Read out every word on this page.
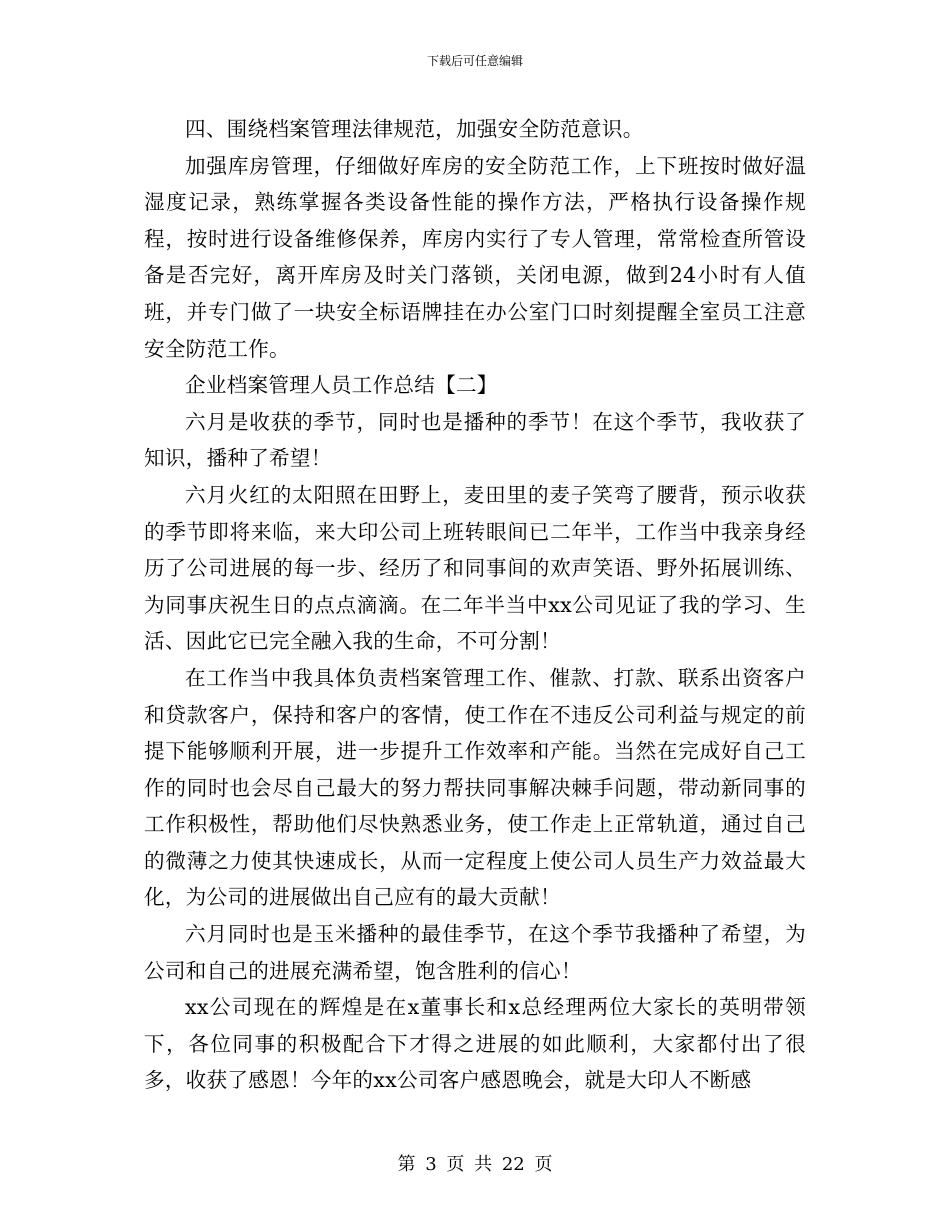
下载后可任意编辑

四、围绕档案管理法律规范，加强安全防范意识。

加强库房管理，仔细做好库房的安全防范工作，上下班按时做好温湿度记录，熟练掌握各类设备性能的操作方法，严格执行设备操作规程，按时进行设备维修保养，库房内实行了专人管理，常常检查所管设备是否完好，离开库房及时关门落锁，关闭电源，做到24小时有人值班，并专门做了一块安全标语牌挂在办公室门口时刻提醒全室员工注意安全防范工作。

企业档案管理人员工作总结【二】

六月是收获的季节，同时也是播种的季节！在这个季节，我收获了知识，播种了希望！

六月火红的太阳照在田野上，麦田里的麦子笑弯了腰背，预示收获的季节即将来临，来大印公司上班转眼间已二年半，工作当中我亲身经历了公司进展的每一步、经历了和同事间的欢声笑语、野外拓展训练、为同事庆祝生日的点点滴滴。在二年半当中xx公司见证了我的学习、生活、因此它已完全融入我的生命，不可分割！

在工作当中我具体负责档案管理工作、催款、打款、联系出资客户和贷款客户，保持和客户的客情，使工作在不违反公司利益与规定的前提下能够顺利开展，进一步提升工作效率和产能。当然在完成好自己工作的同时也会尽自己最大的努力帮扶同事解决棘手问题，带动新同事的工作积极性，帮助他们尽快熟悉业务，使工作走上正常轨道，通过自己的微薄之力使其快速成长，从而一定程度上使公司人员生产力效益最大化，为公司的进展做出自己应有的最大贡献！

六月同时也是玉米播种的最佳季节，在这个季节我播种了希望，为公司和自己的进展充满希望，饱含胜利的信心！

xx公司现在的辉煌是在x董事长和x总经理两位大家长的英明带领下，各位同事的积极配合下才得之进展的如此顺利，大家都付出了很多，收获了感恩！今年的xx公司客户感恩晚会，就是大印人不断感

第 3 页 共 22 页
